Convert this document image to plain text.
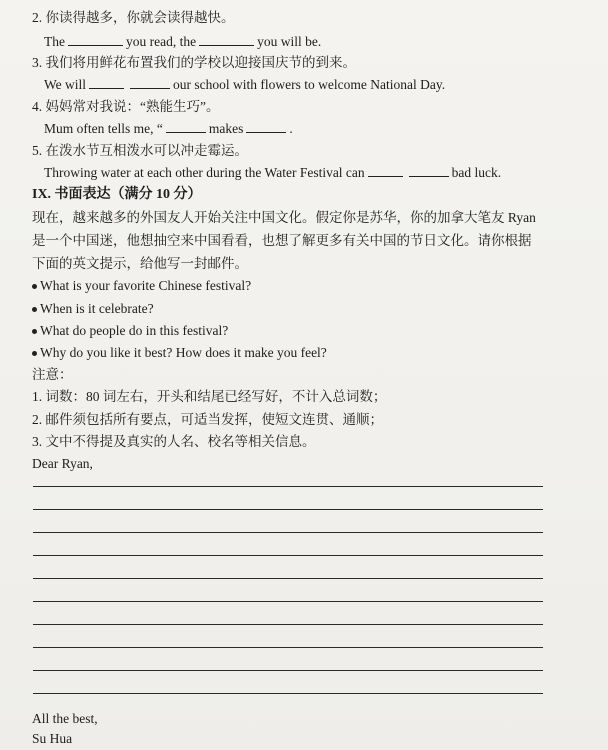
2. 你读得越多，你就会读得越快。
The	you read, the	you will be.
3. 我们将用鲜花布置我们的学校以迎接国庆节的到来。
We will	our school with flowers to welcome National Day.
4. 妈妈常对我说：“熟能生巧”。
Mum often tells me, “	makes	.
5. 在泼水节互相泼水可以冲走霉运。
Throwing water at each other during the Water Festival can	bad luck.
IX. 书面表达（满分 10 分）
现在，越来越多的外国友人开始关注中国文化。假定你是苏华，你的加拿大笔友 Ryan
是一个中国迷，他想抽空来中国看看，也想了解更多有关中国的节日文化。请你根据
下面的英文提示，给他写一封邮件。
What is your favorite Chinese festival?
When is it celebrate?
What do people do in this festival?
Why do you like it best? How does it make you feel?
注意：
1. 词数：80 词左右，开头和结尾已经写好，不计入总词数；
2. 邮件须包括所有要点，可适当发挥，使短文连贯、通顺；
3. 文中不得提及真实的人名、校名等相关信息。
Dear Ryan,
All the best,
Su Hua
